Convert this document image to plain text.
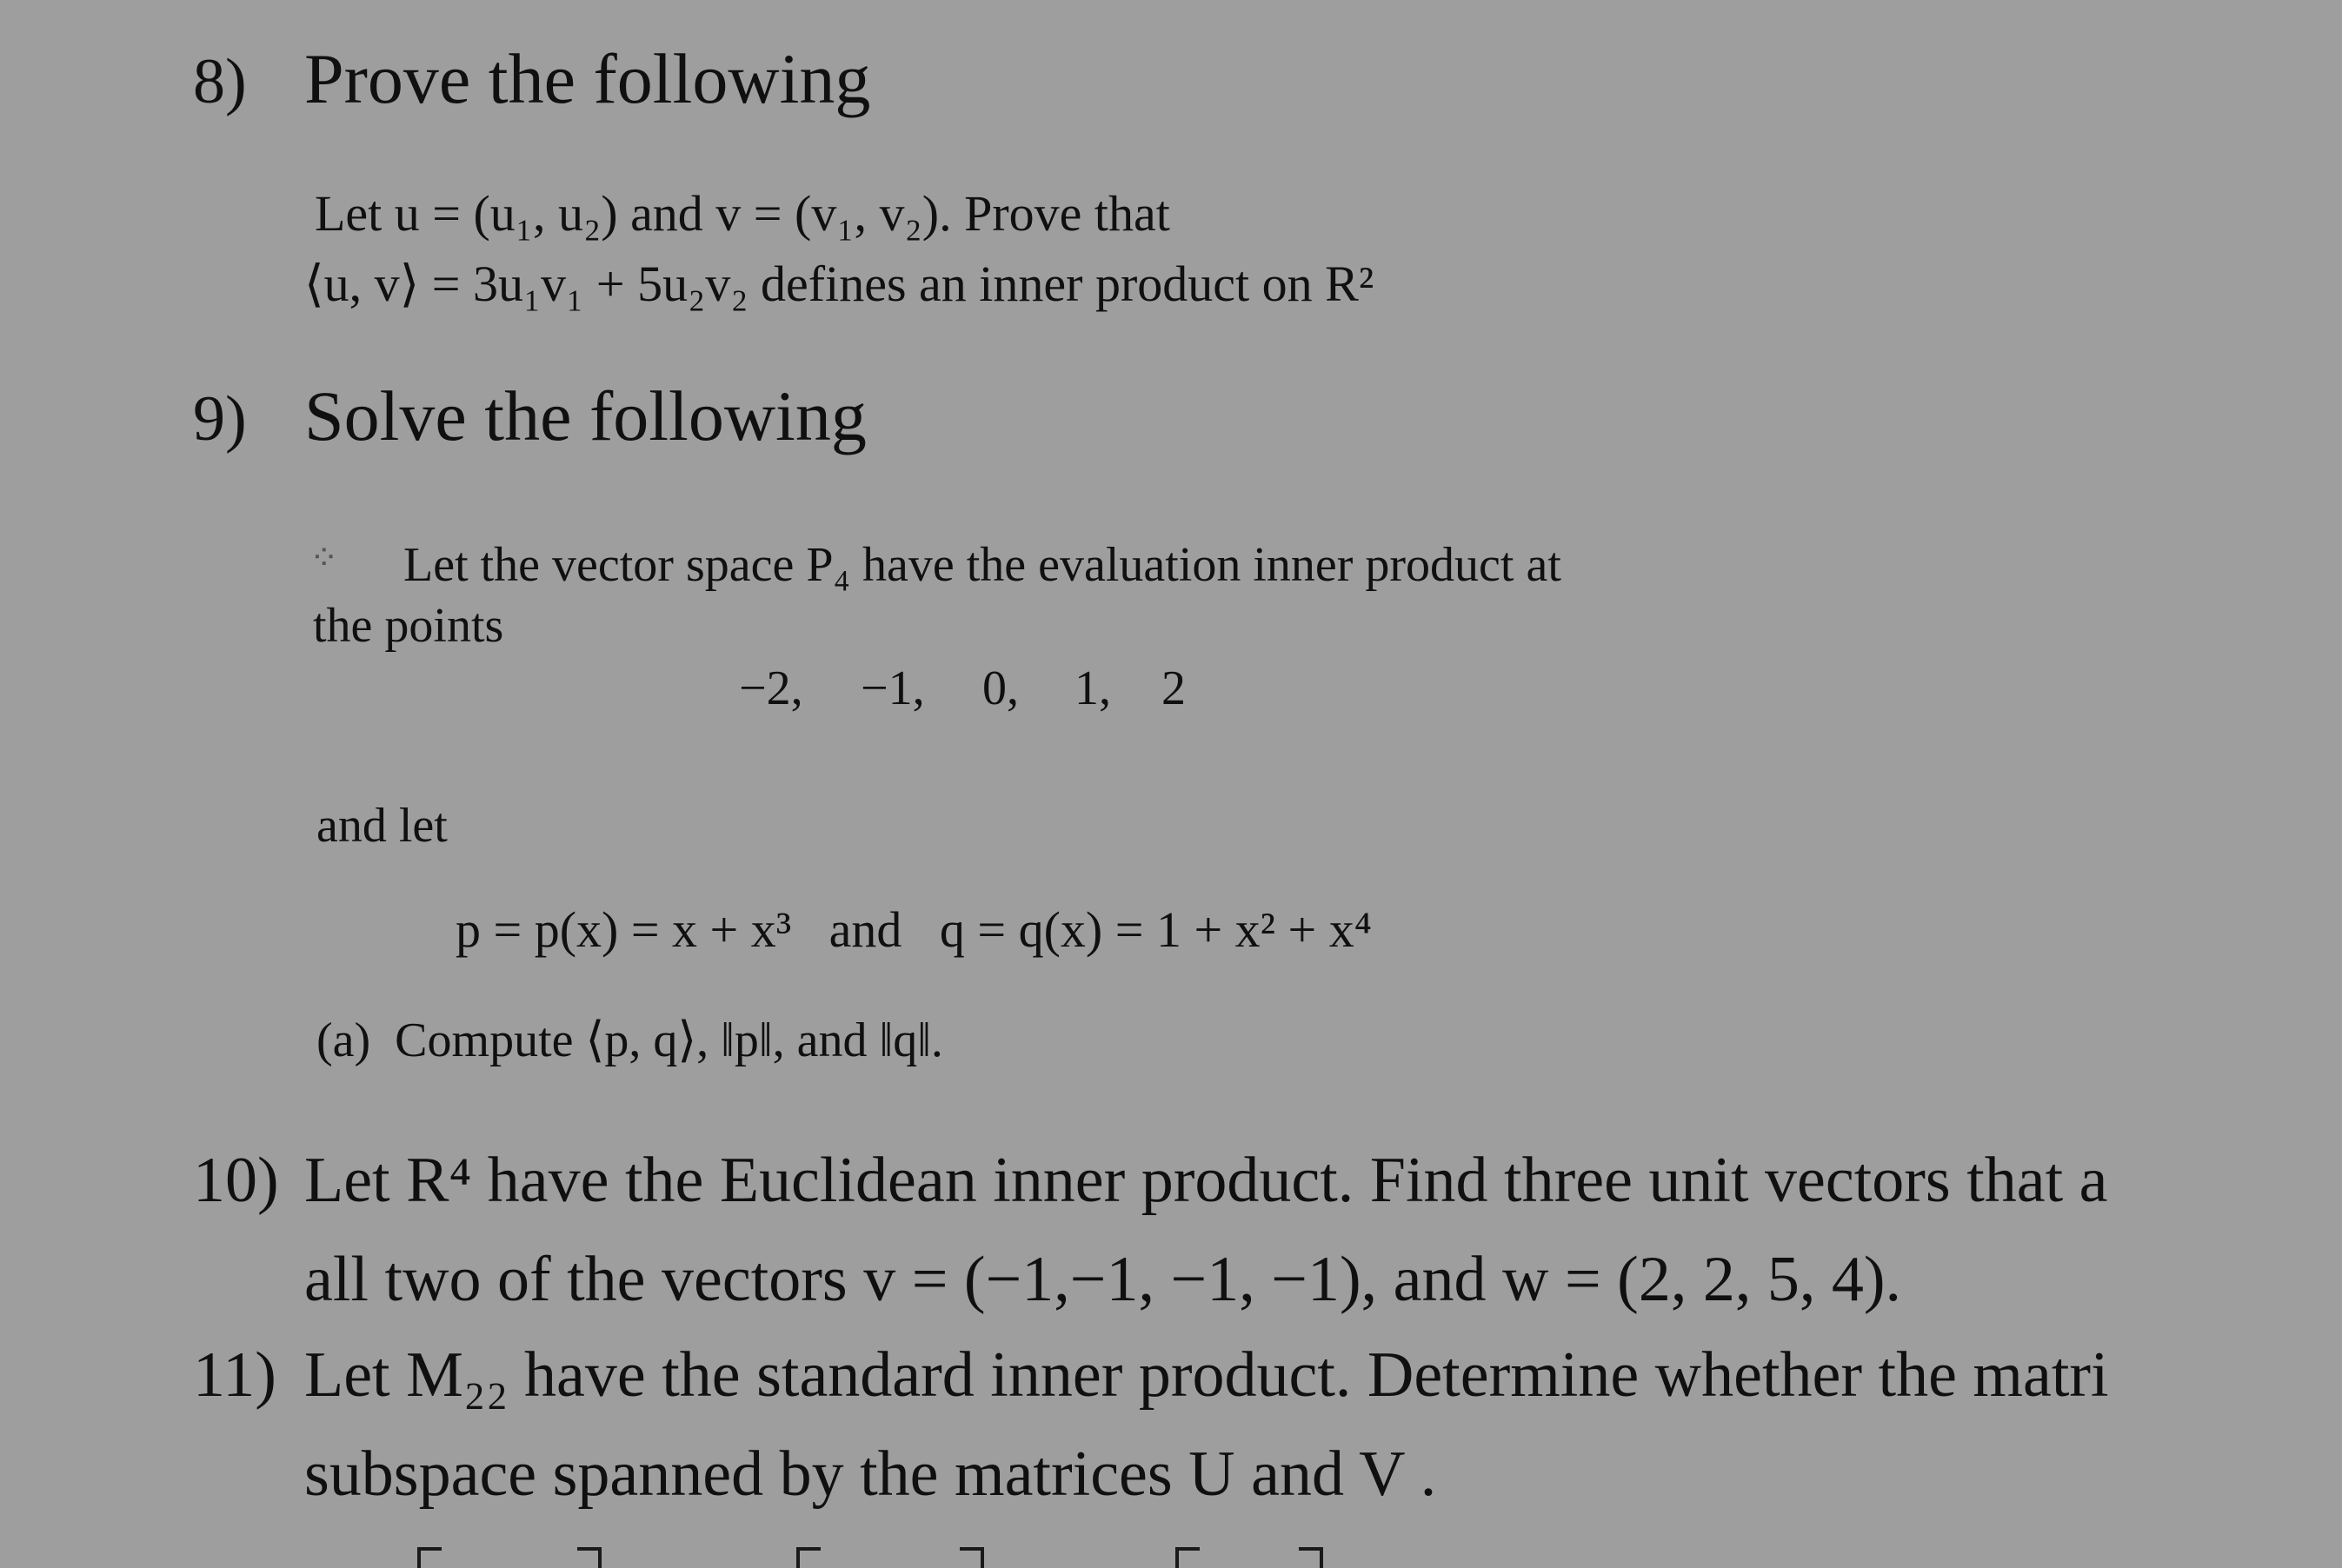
8) Prove the following
Let u = (u₁, u₂) and v = (v₁, v₂). Prove that
⟨u, v⟩ = 3u₁v₁ + 5u₂v₂ defines an inner product on R²
9) Solve the following
⁘ Let the vector space P₄ have the evaluation inner product at
the points
−2, −1, 0, 1, 2
and let
p = p(x) = x + x³   and   q = q(x) = 1 + x² + x⁴
(a)  Compute ⟨p, q⟩, ‖p‖, and ‖q‖.
10) Let R⁴ have the Euclidean inner product. Find three unit vectors that a
all two of the vectors v = (−1,−1, −1, −1), and w = (2, 2, 5, 4).
11) Let M₂₂ have the standard inner product. Determine whether the matri
subspace spanned by the matrices U and V .
